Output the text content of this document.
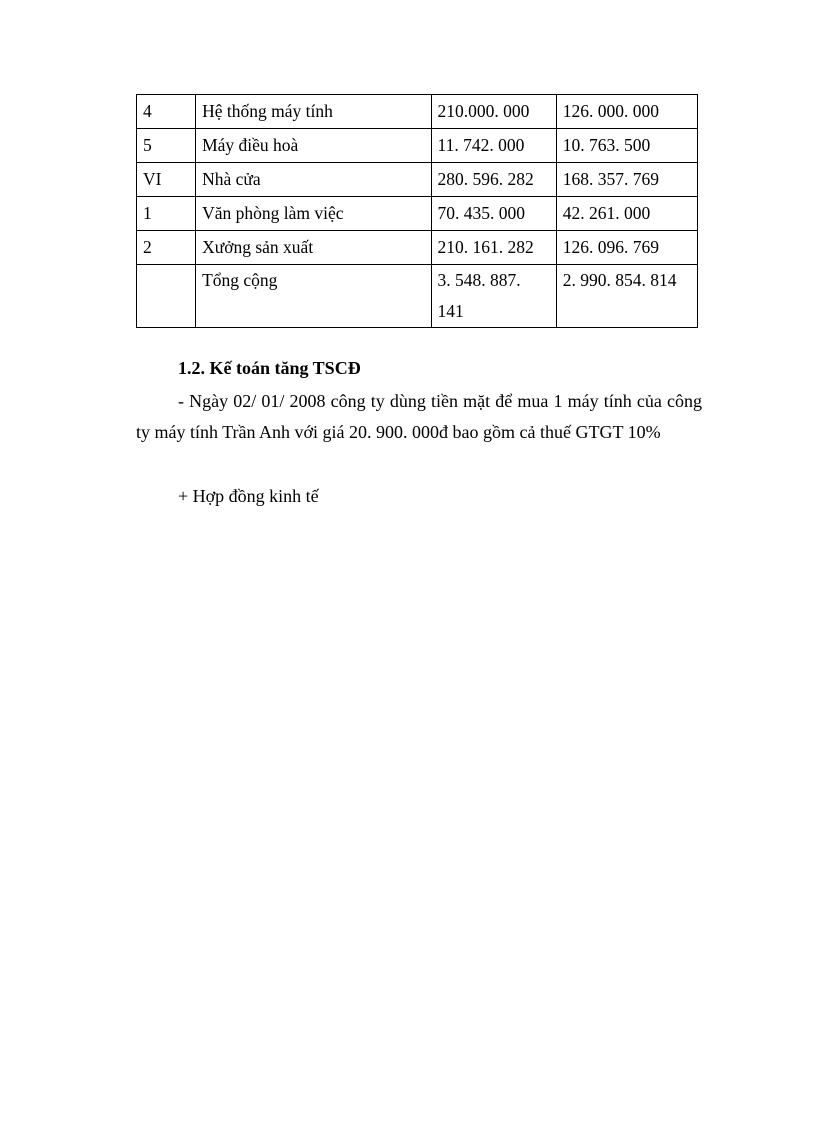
4	Hệ thống máy tính	210.000. 000	126. 000. 000
5	Máy điều hoà	11. 742. 000	10. 763. 500
VI	Nhà cửa	280. 596. 282	168. 357. 769
1	Văn phòng làm việc	70. 435. 000	42. 261. 000
2	Xưởng sản xuất	210. 161. 282	126. 096. 769
	Tổng cộng	3. 548. 887. 141	2. 990. 854. 814
1.2. Kế toán tăng TSCĐ
- Ngày 02/ 01/ 2008 công ty dùng tiền mặt để mua 1 máy tính của công ty máy tính Trần Anh với giá 20. 900. 000đ bao gồm cả thuế GTGT 10%
+ Hợp đồng kinh tế
